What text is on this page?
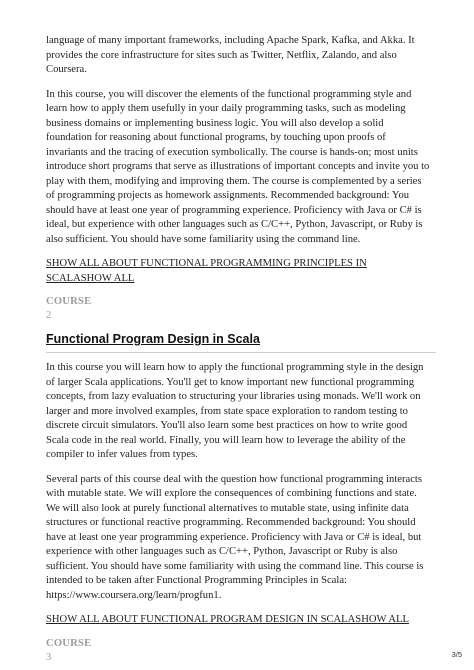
language of many important frameworks, including Apache Spark, Kafka, and Akka. It provides the core infrastructure for sites such as Twitter, Netflix, Zalando, and also Coursera.

In this course, you will discover the elements of the functional programming style and learn how to apply them usefully in your daily programming tasks, such as modeling business domains or implementing business logic. You will also develop a solid foundation for reasoning about functional programs, by touching upon proofs of invariants and the tracing of execution symbolically. The course is hands-on; most units introduce short programs that serve as illustrations of important concepts and invite you to play with them, modifying and improving them. The course is complemented by a series of programming projects as homework assignments. Recommended background: You should have at least one year of programming experience. Proficiency with Java or C# is ideal, but experience with other languages such as C/C++, Python, Javascript, or Ruby is also sufficient. You should have some familiarity using the command line.

SHOW ALL ABOUT FUNCTIONAL PROGRAMMING PRINCIPLES IN SCALASHOW ALL
COURSE
2
Functional Program Design in Scala

In this course you will learn how to apply the functional programming style in the design of larger Scala applications. You'll get to know important new functional programming concepts, from lazy evaluation to structuring your libraries using monads. We'll work on larger and more involved examples, from state space exploration to random testing to discrete circuit simulators. You'll also learn some best practices on how to write good Scala code in the real world. Finally, you will learn how to leverage the ability of the compiler to infer values from types.

Several parts of this course deal with the question how functional programming interacts with mutable state. We will explore the consequences of combining functions and state. We will also look at purely functional alternatives to mutable state, using infinite data structures or functional reactive programming. Recommended background: You should have at least one year programming experience. Proficiency with Java or C# is ideal, but experience with other languages such as C/C++, Python, Javascript or Ruby is also sufficient. You should have some familiarity with using the command line. This course is intended to be taken after Functional Programming Principles in Scala: https://www.coursera.org/learn/progfun1.

SHOW ALL ABOUT FUNCTIONAL PROGRAM DESIGN IN SCALASHOW ALL
COURSE
3	3/5
